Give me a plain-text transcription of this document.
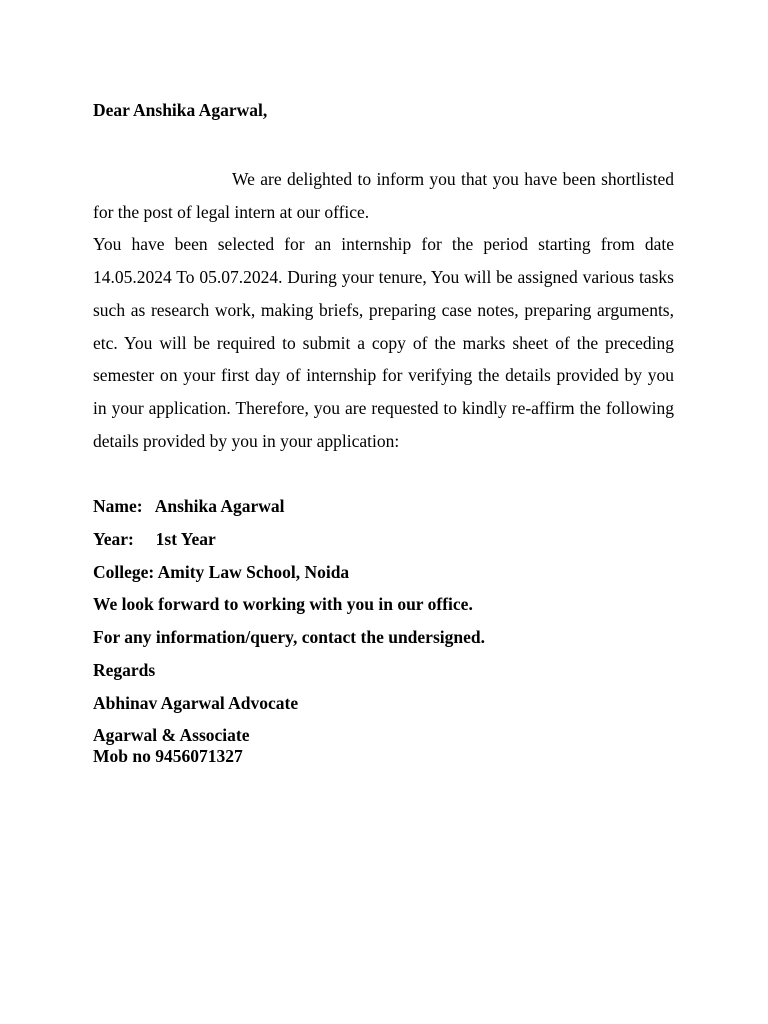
Dear Anshika Agarwal,

We are delighted to inform you that you have been shortlisted for the post of legal intern at our office.

You have been selected for an internship for the period starting from date 14.05.2024 To 05.07.2024. During your tenure, You will be assigned various tasks such as research work, making briefs, preparing case notes, preparing arguments, etc. You will be required to submit a copy of the marks sheet of the preceding semester on your first day of internship for verifying the details provided by you in your application. Therefore, you are requested to kindly re-affirm the following details provided by you in your application:

Name:   Anshika Agarwal

Year:     1st Year

College: Amity Law School, Noida

We look forward to working with you in our office.

For any information/query, contact the undersigned.

Regards

Abhinav Agarwal Advocate

Agarwal & Associate

Mob no 9456071327
